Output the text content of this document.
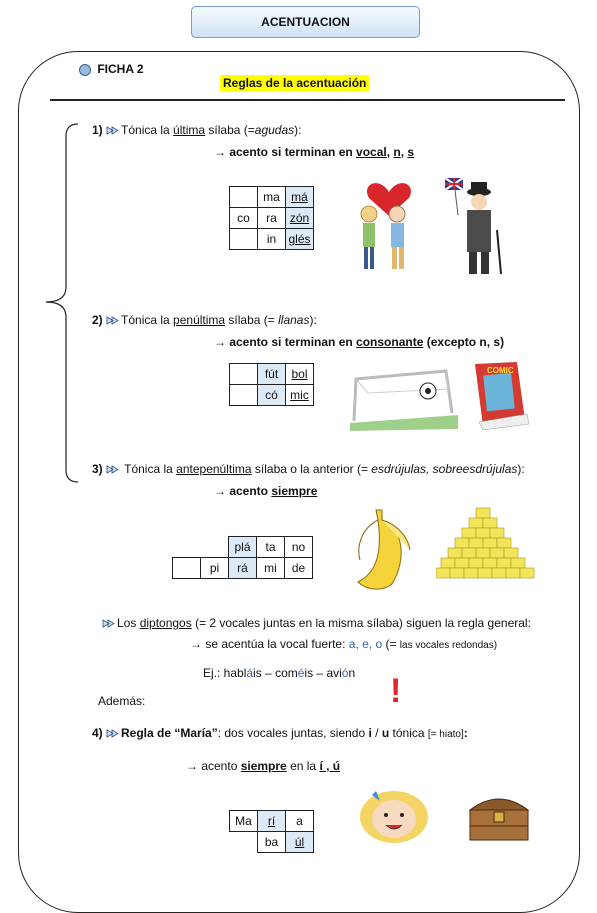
ACENTUACION
FICHA 2
Reglas de la acentuación
1) Tónica la última sílaba (=agudas):
→ acento si terminan en vocal, n, s
	ma	má
co	ra	zón
	in	glés
2) Tónica la penúltima sílaba (= llanas):
→ acento si terminan en consonante (excepto n, s)
	fút	bol
	có	mic
COMIC
3)  Tónica la antepenúltima sílaba o la anterior (= esdrújulas, sobreesdrújulas):
→ acento siempre
		plá	ta	no
	pi	rá	mi	de
Los diptongos (= 2 vocales juntas en la misma sílaba) siguen la regla general:
→ se acentúa la vocal fuerte: a, e, o (= las vocales redondas)
Ej.: habláis – coméis – avión
Además:	!
4) Regla de “María”: dos vocales juntas, siendo i / u tónica [= hiato]:
→ acento siempre en la í , ú
Ma	rí	a
	ba	úl
